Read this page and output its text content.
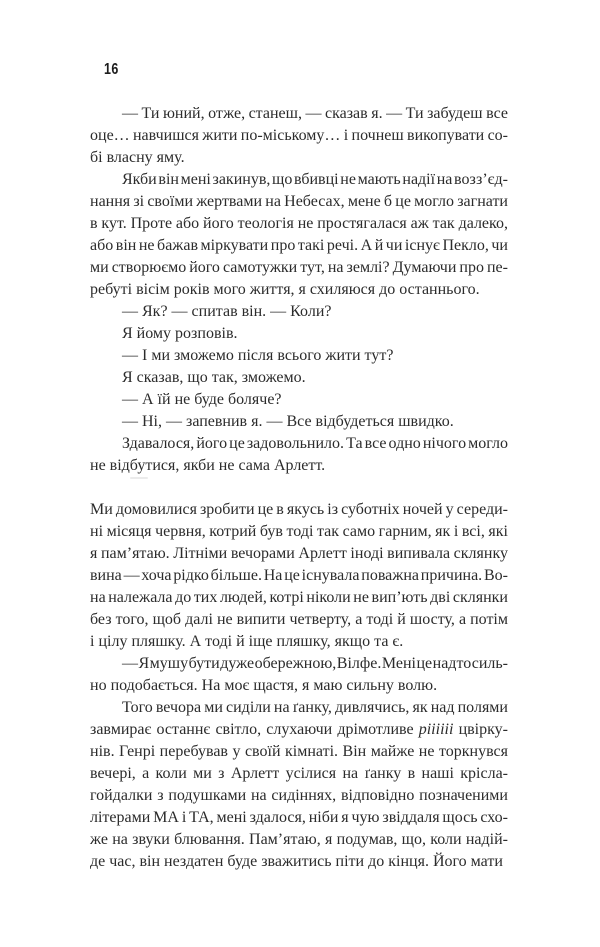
16
— Ти юний, отже, станеш, — сказав я. — Ти забудеш все
оце… навчишся жити по-міському… і почнеш викопувати со-
бі власну яму.
Якби він мені закинув, що вбивці не мають надії на возз’єд-
нання зі своїми жертвами на Небесах, мене б це могло загнати
в кут. Проте або його теологія не простягалася аж так далеко,
або він не бажав міркувати про такі речі. А й чи існує Пекло, чи
ми створюємо його самотужки тут, на землі? Думаючи про пе-
ребуті вісім років мого життя, я схиляюся до останнього.
— Як? — спитав він. — Коли?
Я йому розповів.
— І ми зможемо після всього жити тут?
Я сказав, що так, зможемо.
— А їй не буде боляче?
— Ні, — запевнив я. — Все відбудеться швидко.
Здавалося, його це задовольнило. Та все одно нічого могло
не відбутися, якби не сама Арлетт.
Ми домовилися зробити це в якусь із суботніх ночей у середи-
ні місяця червня, котрий був тоді так само гарним, як і всі, які
я пам’ятаю. Літніми вечорами Арлетт іноді випивала склянку
вина — хоча рідко більше. На це існувала поважна причина. Во-
на належала до тих людей, котрі ніколи не вип’ють дві склянки
без того, щоб далі не випити четверту, а тоді й шосту, а потім
і цілу пляшку. А тоді й іще пляшку, якщо та є.
— Я мушу бути дуже обережною, Вілфе. Мені це надто силь-
но подобається. На моє щастя, я маю сильну волю.
Того вечора ми сиділи на ґанку, дивлячись, як над полями
завмирає останнє світло, слухаючи дрімотливе ріііііі цвірку-
нів. Генрі перебував у своїй кімнаті. Він майже не торкнувся
вечері, а коли ми з Арлетт усілися на ґанку в наші крісла-
гойдалки з подушками на сидіннях, відповідно позначеними
літерами МА і ТА, мені здалося, ніби я чую звіддаля щось схо-
же на звуки блювання. Пам’ятаю, я подумав, що, коли надій-
де час, він нездатен буде зважитись піти до кінця. Його мати
